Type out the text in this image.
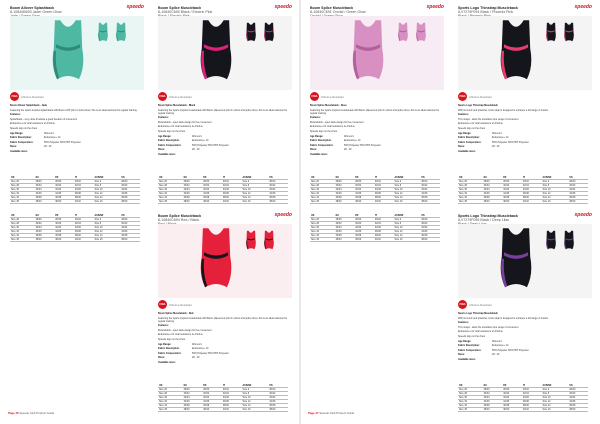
speedo
Boom Allover Splashback
8-10840B693 Jade/ Green Glow
FINA	Chlorine Resistant

Boom Allover Splashback - Jade

Featuring the sports inspired splashback with Boom AOP print in bold colour, this is an ideal swimsuit for regular training.

Features:

Splashback - very close fit allows a good freedom of movement

Endurance+ for total resistance to chlorine

Speedo logo on the chest

Age Range:	Women's

Fabric Description:	Endurance+ 10

Fabric Composition:	50% Polyester 50% PBT Polyester

Sizes:	28 - 40

Available sizes:

UK	EU	FR	IT	AUS/NZ	US
Size 26	28/30	28/30	30/32	Size 6	28/30
Size 28	30/32	30/32	32/34	Size 8	30/32
Size 30	32/34	32/34	34/36	Size 10	32/34
Size 32	34/36	34/36	36/38	Size 12	34/36
Size 34	36/38	36/38	38/40	Size 14	36/38
Size 36	38/40	38/40	40/42	Size 16	38/40
speedo
Boom Splice Muscleback
8-10840C690 Black / Electric Pink
FINA	Chlorine Resistant

Boom Splice Muscleback - Black

Featuring the sports inspired muscleback with Boom placement print in colour and splice trims, this is an ideal swimsuit for regular training.

Features:

Muscleback - open back design for free movement

Endurance+ for total resistance to chlorine

Speedo logo on the chest

Age Range:	Women's

Fabric Description:	Endurance+ 10

Fabric Composition:	50% Polyester 50% PBT Polyester

Sizes:	28 - 40

Available sizes:

UK	EU	FR	IT	AUS/NZ	US
Size 26	28/30	28/30	30/32	Size 6	28/30
Size 28	30/32	30/32	32/34	Size 8	30/32
Size 30	32/34	32/34	34/36	Size 10	32/34
Size 32	34/36	34/36	36/38	Size 12	34/36
Size 34	36/38	36/38	38/40	Size 14	36/38
Size 36	38/40	38/40	40/42	Size 16	38/40
speedo
Boom Splice Muscleback
8-10840C691 Orchid / Green Glow
FINA	Chlorine Resistant

Boom Splice Muscleback - Rose

Featuring the sports inspired muscleback with Boom placement print in colour and splice trims, this is an ideal swimsuit for regular training.

Features:

Muscleback - open back design for free movement

Endurance+ for total resistance to chlorine

Speedo logo on the chest

Age Range:	Women's

Fabric Description:	Endurance+ 10

Fabric Composition:	50% Polyester 50% PBT Polyester

Sizes:	28 - 40

Available sizes:

UK	EU	FR	IT	AUS/NZ	US
Size 26	28/30	28/30	30/32	Size 6	28/30
Size 28	30/32	30/32	32/34	Size 8	30/32
Size 30	32/34	32/34	34/36	Size 10	32/34
Size 32	34/36	34/36	36/38	Size 12	34/36
Size 34	36/38	36/38	38/40	Size 14	36/38
Size 36	38/40	38/40	40/42	Size 16	38/40
speedo
Sports Logo Thinstrap Muscleback
8-07279F094 Black / Phoenix Pink
FINA	Chlorine Resistant

Sports Logo Thinstrap Muscleback

With its iconic and practical, cross strap is designed to enhance a full range of motion.

Features:

Thin straps - allow the shoulders free range of movement

Endurance+ for total resistance to chlorine

Speedo logo on the chest

Age Range:	Women's

Fabric Description:	Endurance+ 10

Fabric Composition:	50% Polyester 50% PBT Polyester

Sizes:	28 - 40

Available sizes:

UK	EU	FR	IT	AUS/NZ	US
Size 26	28/30	28/30	30/32	Size 6	28/30
Size 28	30/32	30/32	32/34	Size 8	30/32
Size 30	32/34	32/34	34/36	Size 10	32/34
Size 32	34/36	34/36	36/38	Size 12	34/36
Size 34	36/38	36/38	38/40	Size 14	36/38
Size 36	38/40	38/40	40/42	Size 16	38/40
UK	EU	FR	IT	AUS/NZ	US
Size 26	28/30	28/30	30/32	Size 6	28/30
Size 28	30/32	30/32	32/34	Size 8	30/32
Size 30	32/34	32/34	34/36	Size 10	32/34
Size 32	34/36	34/36	36/38	Size 12	34/36
Size 34	36/38	36/38	38/40	Size 14	36/38
Size 36	38/40	38/40	40/42	Size 16	38/40
speedo
Boom Splice Muscleback
8-10840C694 Red / Black
FINA	Chlorine Resistant

Boom Splice Muscleback - Red

Featuring the sports inspired muscleback with Boom placement print in colour and splice trims, this is an ideal swimsuit for regular training.

Features:

Muscleback - open back design for free movement

Endurance+ for total resistance to chlorine

Speedo logo on the chest

Age Range:	Women's

Fabric Description:	Endurance+ 10

Fabric Composition:	50% Polyester 50% PBT Polyester

Sizes:	28 - 40

Available sizes:

UK	EU	FR	IT	AUS/NZ	US
Size 26	28/30	28/30	30/32	Size 6	28/30
Size 28	30/32	30/32	32/34	Size 8	30/32
Size 30	32/34	32/34	34/36	Size 10	32/34
Size 32	34/36	34/36	36/38	Size 12	34/36
Size 34	36/38	36/38	38/40	Size 14	36/38
Size 36	38/40	38/40	40/42	Size 16	38/40
UK	EU	FR	IT	AUS/NZ	US
Size 26	28/30	28/30	30/32	Size 6	28/30
Size 28	30/32	30/32	32/34	Size 8	30/32
Size 30	32/34	32/34	34/36	Size 10	32/34
Size 32	34/36	34/36	36/38	Size 12	34/36
Size 34	36/38	36/38	38/40	Size 14	36/38
Size 36	38/40	38/40	40/42	Size 16	38/40
speedo
Sports Logo Thinstrap Muscleback
8-07279F095 Black / Deep Lilac
FINA	Chlorine Resistant

Sports Logo Thinstrap Muscleback

With its iconic and practical, cross strap is designed to enhance a full range of motion.

Features:

Thin straps - allow the shoulders free range of movement

Endurance+ for total resistance to chlorine

Speedo logo on the chest

Age Range:	Women's

Fabric Description:	Endurance+ 10

Fabric Composition:	50% Polyester 50% PBT Polyester

Sizes:	28 - 40

Available sizes:

UK	EU	FR	IT	AUS/NZ	US
Size 26	28/30	28/30	30/32	Size 6	28/30
Size 28	30/32	30/32	32/34	Size 8	30/32
Size 30	32/34	32/34	34/36	Size 10	32/34
Size 32	34/36	34/36	36/38	Size 12	34/36
Size 34	36/38	36/38	38/40	Size 14	36/38
Size 36	38/40	38/40	40/42	Size 16	38/40
Page 46 Speedo Club Product Guide	Page 47 Speedo Club Product Guide
